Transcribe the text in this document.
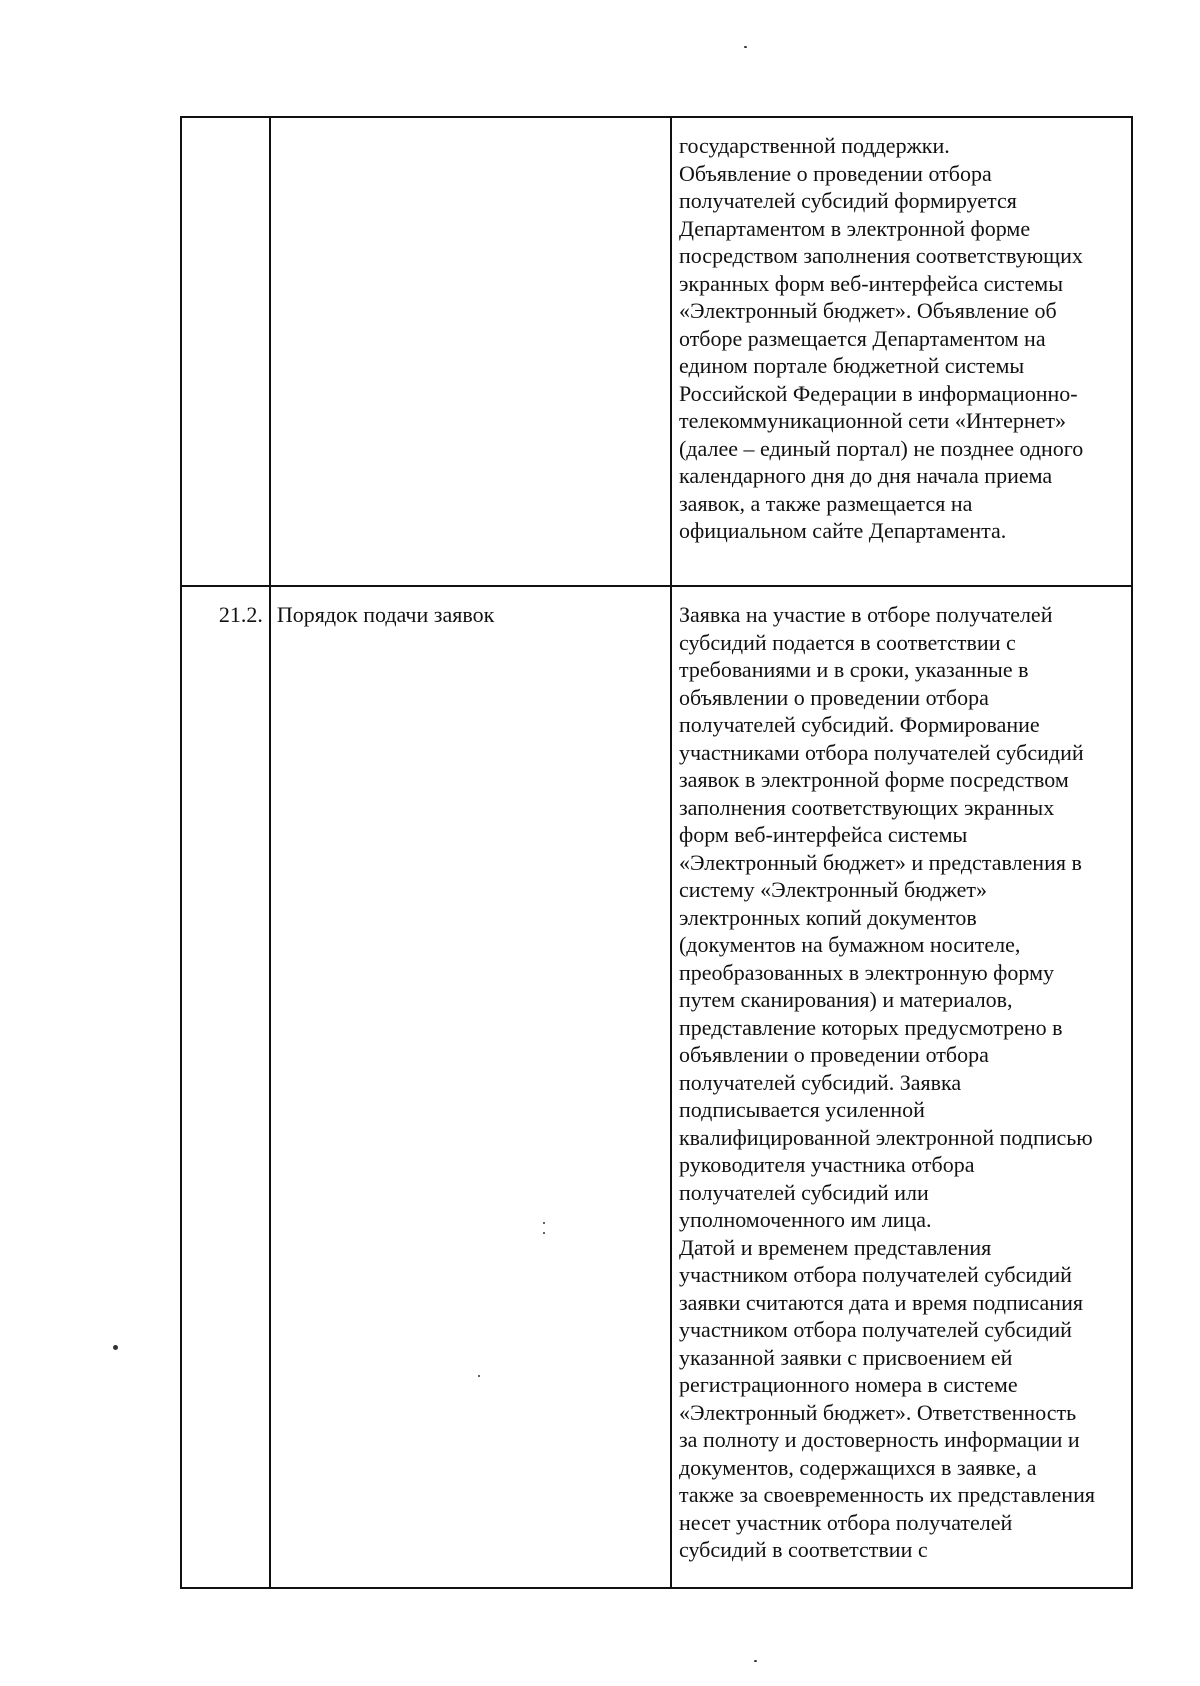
государственной поддержки.
Объявление о проведении отбора
получателей субсидий формируется
Департаментом в электронной форме
посредством заполнения соответствующих
экранных форм веб-интерфейса системы
«Электронный бюджет». Объявление об
отборе размещается Департаментом на
едином портале бюджетной системы
Российской Федерации в информационно-
телекоммуникационной сети «Интернет»
(далее – единый портал) не позднее одного
календарного дня до дня начала приема
заявок, а также размещается на
официальном сайте Департамента.
21.2. Порядок подачи заявок	Заявка на участие в отборе получателей
субсидий подается в соответствии с
требованиями и в сроки, указанные в
объявлении о проведении отбора
получателей субсидий. Формирование
участниками отбора получателей субсидий
заявок в электронной форме посредством
заполнения соответствующих экранных
форм веб-интерфейса системы
«Электронный бюджет» и представления в
систему «Электронный бюджет»
электронных копий документов
(документов на бумажном носителе,
преобразованных в электронную форму
путем сканирования) и материалов,
представление которых предусмотрено в
объявлении о проведении отбора
получателей субсидий. Заявка
подписывается усиленной
квалифицированной электронной подписью
руководителя участника отбора
получателей субсидий или
уполномоченного им лица.
Датой и временем представления
участником отбора получателей субсидий
заявки считаются дата и время подписания
участником отбора получателей субсидий
указанной заявки с присвоением ей
регистрационного номера в системе
«Электронный бюджет». Ответственность
за полноту и достоверность информации и
документов, содержащихся в заявке, а
также за своевременность их представления
несет участник отбора получателей
субсидий в соответствии с
